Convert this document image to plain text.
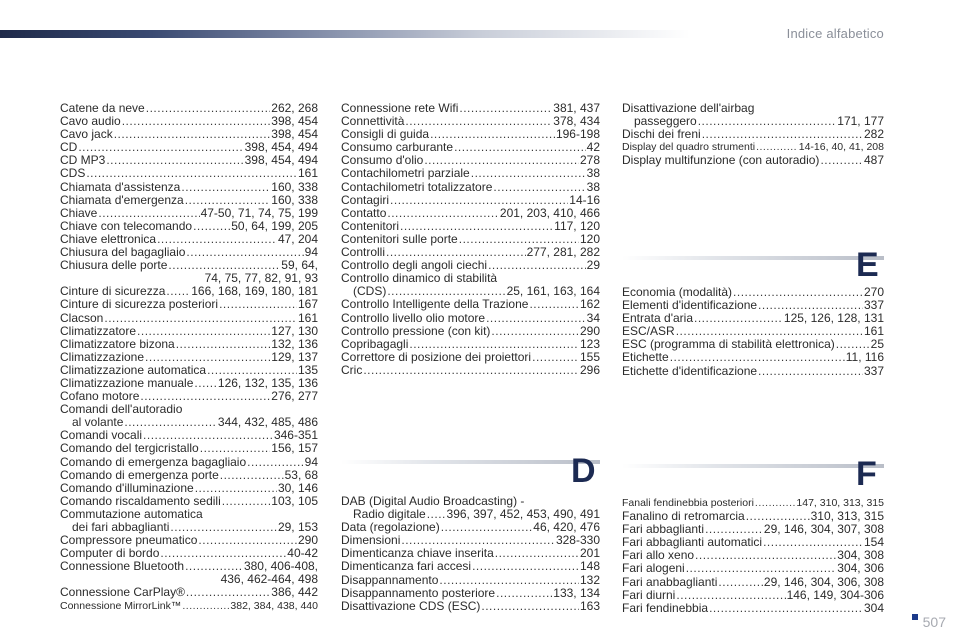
Indice alfabetico
Catene da neve .....	262, 268
Cavo audio .....	398, 454
Cavo jack .....	398, 454
CD .....	398, 454, 494
CD MP3 .....	398, 454, 494
CDS .....	161
Chiamata d'assistenza .....	160, 338
Chiamata d'emergenza .....	160, 338
Chiave .....	47-50, 71, 74, 75, 199
Chiave con telecomando .....	50, 64, 199, 205
Chiave elettronica .....	47, 204
Chiusura del bagagliaio .....	94
Chiusura delle porte .....	59, 64,
74, 75, 77, 82, 91, 93
Cinture di sicurezza ..... 166, 168, 169, 180, 181
Cinture di sicurezza posteriori .....	167
Clacson .....	161
Climatizzatore .....	127, 130
Climatizzatore bizona .....	132, 136
Climatizzazione .....	129, 137
Climatizzazione automatica .....	135
Climatizzazione manuale ..... 126, 132, 135, 136
Cofano motore .....	276, 277
Comandi dell'autoradio
al volante .....	344, 432, 485, 486
Comandi vocali .....	346-351
Comando del tergicristallo .....	156, 157
Comando di emergenza bagagliaio .....	94
Comando di emergenza porte .....	53, 68
Comando d'illuminazione .....	30, 146
Comando riscaldamento sedili .....	103, 105
Commutazione automatica
dei fari abbaglianti .....	29, 153
Compressore pneumatico .....	290
Computer di bordo .....	40-42
Connessione Bluetooth .....	380, 406-408,
436, 462-464, 498
Connessione CarPlay® .....	386, 442
Connessione MirrorLink™ .....	382, 384, 438, 440
Connessione rete Wifi .....	381, 437
Connettività .....	378, 434
Consigli di guida .....	196-198
Consumo carburante .....	42
Consumo d'olio .....	278
Contachilometri parziale .....	38
Contachilometri totalizzatore .....	38
Contagiri .....	14-16
Contatto .....	201, 203, 410, 466
Contenitori .....	117, 120
Contenitori sulle porte .....	120
Controlli .....	277, 281, 282
Controllo degli angoli ciechi .....	29
Controllo dinamico di stabilità
(CDS) .....	25, 161, 163, 164
Controllo Intelligente della Trazione .....	162
Controllo livello olio motore .....	34
Controllo pressione (con kit) .....	290
Copribagagli .....	123
Correttore di posizione dei proiettori .....	155
Cric .....	296
D
DAB (Digital Audio Broadcasting) -
Radio digitale ..... 396, 397, 452, 453, 490, 491
Data (regolazione) .....	46, 420, 476
Dimensioni .....	328-330
Dimenticanza chiave inserita .....	201
Dimenticanza fari accesi .....	148
Disappannamento .....	132
Disappannamento posteriore .....	133, 134
Disattivazione CDS (ESC) .....	163
Disattivazione dell'airbag
passeggero .....	171, 177
Dischi dei freni .....	282
Display del quadro strumenti .....	14-16, 40, 41, 208
Display multifunzione (con autoradio) .....	487
E
Economia (modalità) .....	270
Elementi d'identificazione .....	337
Entrata d'aria .....	125, 126, 128, 131
ESC/ASR .....	161
ESC (programma di stabilità elettronica) .....	25
Etichette .....	11, 116
Etichette d'identificazione .....	337
F
Fanali fendinebbia posteriori .....	147, 310, 313, 315
Fanalino di retromarcia .....	310, 313, 315
Fari abbaglianti .....	29, 146, 304, 307, 308
Fari abbaglianti automatici .....	154
Fari allo xeno .....	304, 308
Fari alogeni .....	304, 306
Fari anabbaglianti .....	29, 146, 304, 306, 308
Fari diurni .....	146, 149, 304-306
Fari fendinebbia .....	304
507
